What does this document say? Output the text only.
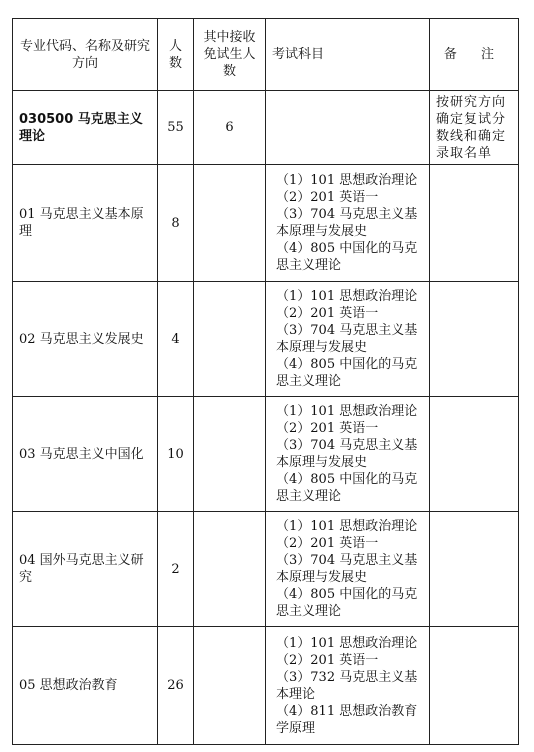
专业代码、名称及研究方向	人数	其中接收免试生人数	考试科目	备 注
030500 马克思主义理论	55	6		按研究方向确定复试分数线和确定录取名单
01 马克思主义基本原理	8		（1）101 思想政治理论
（2）201 英语一
（3）704 马克思主义基本原理与发展史
（4）805 中国化的马克思主义理论	

02 马克思主义发展史	4		（1）101 思想政治理论
（2）201 英语一
（3）704 马克思主义基本原理与发展史
（4）805 中国化的马克思主义理论	

03 马克思主义中国化	10		（1）101 思想政治理论
（2）201 英语一
（3）704 马克思主义基本原理与发展史
（4）805 中国化的马克思主义理论	

04 国外马克思主义研究	2		（1）101 思想政治理论
（2）201 英语一
（3）704 马克思主义基本原理与发展史
（4）805 中国化的马克思主义理论	

05 思想政治教育	26		（1）101 思想政治理论
（2）201 英语一
（3）732 马克思主义基本理论
（4）811 思想政治教育学原理	
